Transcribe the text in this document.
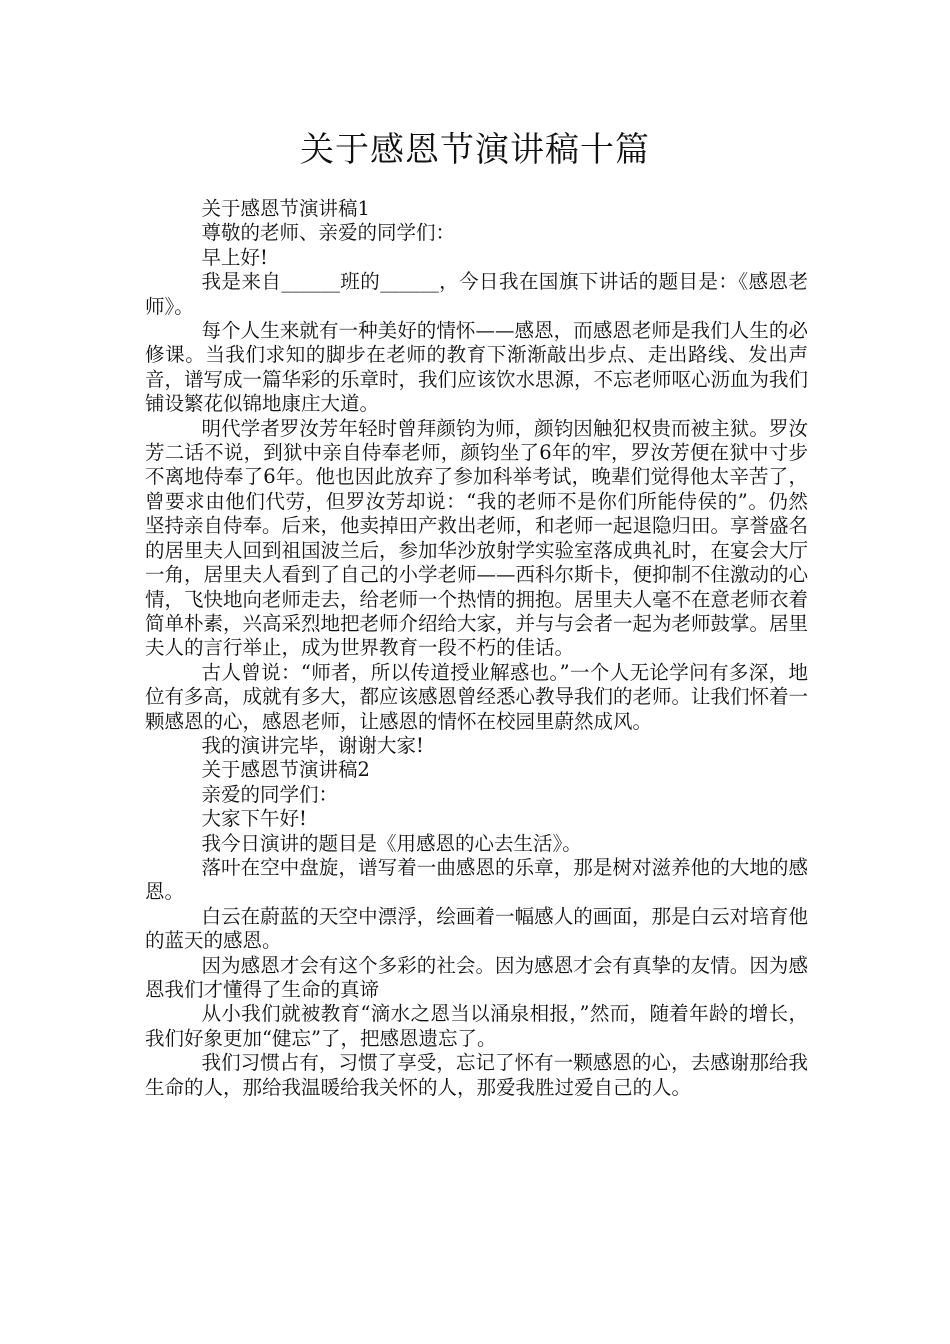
关于感恩节演讲稿十篇

关于感恩节演讲稿1

尊敬的老师、亲爱的同学们：

早上好!

我是来自______班的______，今日我在国旗下讲话的题目是：《感恩老师》。

每个人生来就有一种美好的情怀——感恩，而感恩老师是我们人生的必修课。当我们求知的脚步在老师的教育下渐渐敲出步点、走出路线、发出声音，谱写成一篇华彩的乐章时，我们应该饮水思源，不忘老师呕心沥血为我们铺设繁花似锦地康庄大道。

明代学者罗汝芳年轻时曾拜颜钧为师，颜钧因触犯权贵而被主狱。罗汝芳二话不说，到狱中亲自侍奉老师，颜钧坐了6年的牢，罗汝芳便在狱中寸步不离地侍奉了6年。他也因此放弃了参加科举考试，晚辈们觉得他太辛苦了，曾要求由他们代劳，但罗汝芳却说：“我的老师不是你们所能侍侯的”。仍然坚持亲自侍奉。后来，他卖掉田产救出老师，和老师一起退隐归田。享誉盛名的居里夫人回到祖国波兰后，参加华沙放射学实验室落成典礼时，在宴会大厅一角，居里夫人看到了自己的小学老师——西科尔斯卡，便抑制不住激动的心情，飞快地向老师走去，给老师一个热情的拥抱。居里夫人毫不在意老师衣着简单朴素，兴高采烈地把老师介绍给大家，并与与会者一起为老师鼓掌。居里夫人的言行举止，成为世界教育一段不朽的佳话。

古人曾说：“师者，所以传道授业解惑也。”一个人无论学问有多深，地位有多高，成就有多大，都应该感恩曾经悉心教导我们的老师。让我们怀着一颗感恩的心，感恩老师，让感恩的情怀在校园里蔚然成风。

我的演讲完毕，谢谢大家!

关于感恩节演讲稿2

亲爱的同学们：

大家下午好!

我今日演讲的题目是《用感恩的心去生活》。

落叶在空中盘旋，谱写着一曲感恩的乐章，那是树对滋养他的大地的感恩。

白云在蔚蓝的天空中漂浮，绘画着一幅感人的画面，那是白云对培育他的蓝天的感恩。

因为感恩才会有这个多彩的社会。因为感恩才会有真挚的友情。因为感恩我们才懂得了生命的真谛

从小我们就被教育“滴水之恩当以涌泉相报，”然而，随着年龄的增长，我们好象更加“健忘”了，把感恩遗忘了。

我们习惯占有，习惯了享受，忘记了怀有一颗感恩的心，去感谢那给我生命的人，那给我温暖给我关怀的人，那爱我胜过爱自己的人。
